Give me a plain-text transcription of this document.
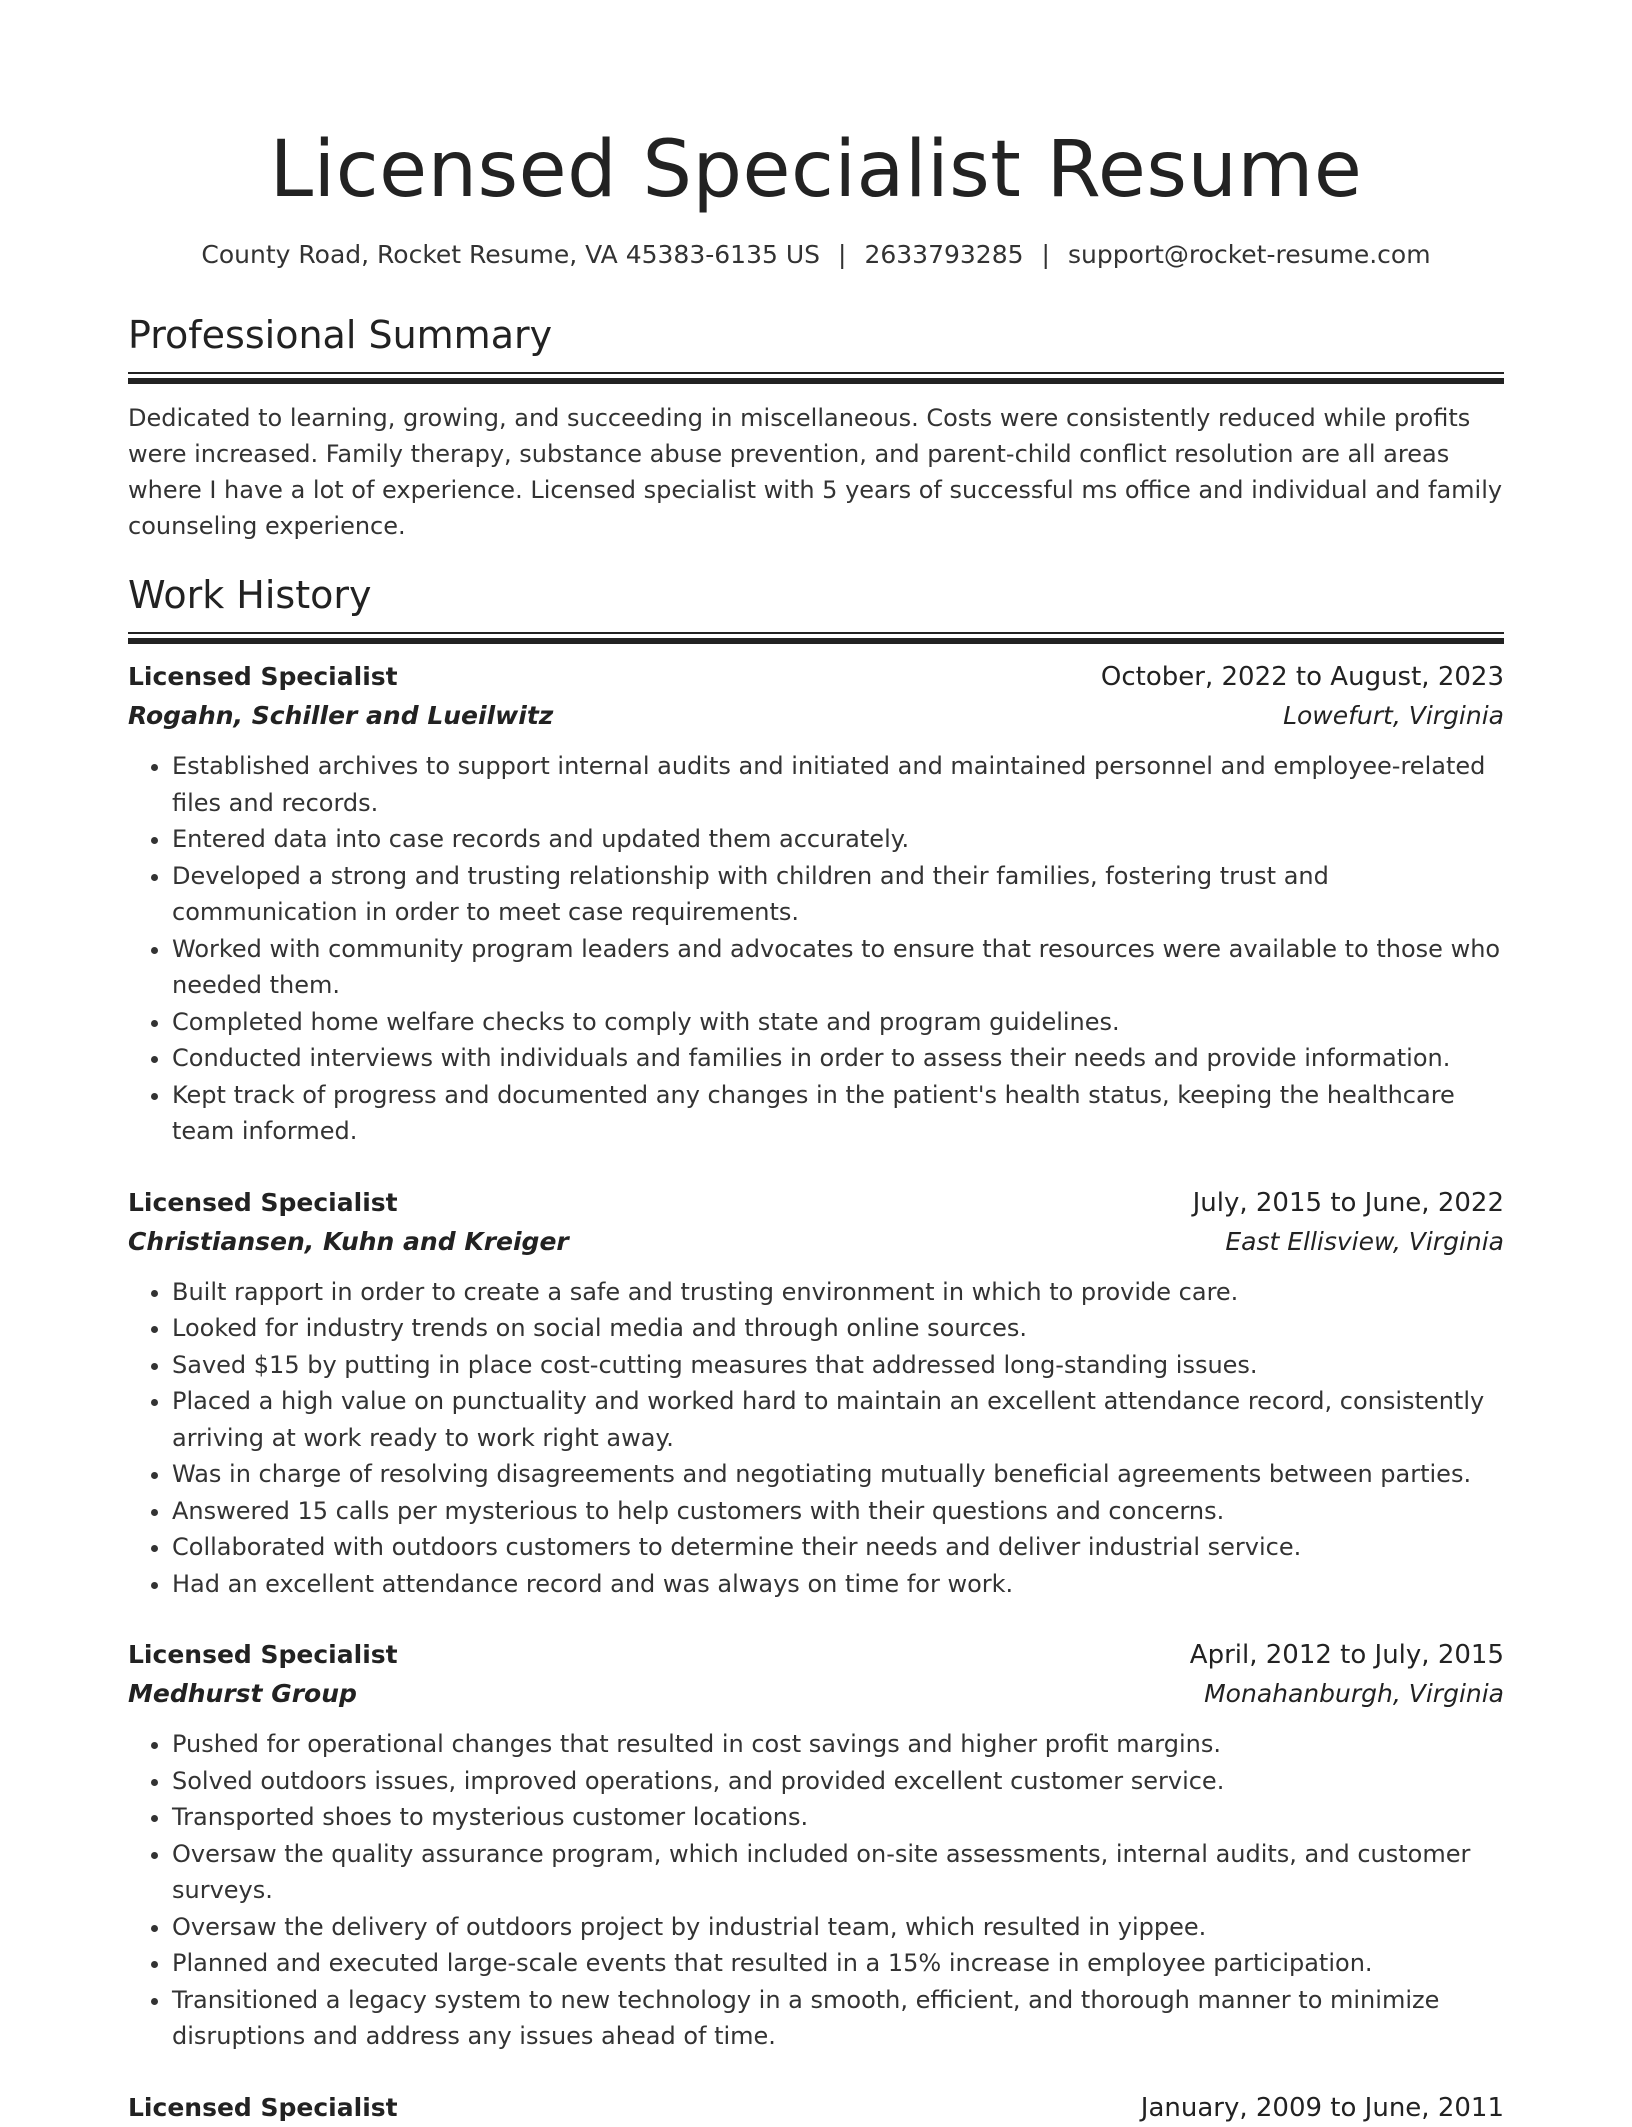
Licensed Specialist Resume
County Road, Rocket Resume, VA 45383-6135 US | 2633793285 | support@rocket-resume.com
Professional Summary

Dedicated to learning, growing, and succeeding in miscellaneous. Costs were consistently reduced while profits were increased. Family therapy, substance abuse prevention, and parent-child conflict resolution are all areas where I have a lot of experience. Licensed specialist with 5 years of successful ms office and individual and family counseling experience.

Work History
Licensed Specialist	October, 2022 to August, 2023
Rogahn, Schiller and Lueilwitz	Lowefurt, Virginia
• Established archives to support internal audits and initiated and maintained personnel and employee-related files and records.
• Entered data into case records and updated them accurately.
• Developed a strong and trusting relationship with children and their families, fostering trust and communication in order to meet case requirements.
• Worked with community program leaders and advocates to ensure that resources were available to those who needed them.
• Completed home welfare checks to comply with state and program guidelines.
• Conducted interviews with individuals and families in order to assess their needs and provide information.
• Kept track of progress and documented any changes in the patient's health status, keeping the healthcare team informed.
Licensed Specialist	July, 2015 to June, 2022
Christiansen, Kuhn and Kreiger	East Ellisview, Virginia
• Built rapport in order to create a safe and trusting environment in which to provide care.
• Looked for industry trends on social media and through online sources.
• Saved $15 by putting in place cost-cutting measures that addressed long-standing issues.
• Placed a high value on punctuality and worked hard to maintain an excellent attendance record, consistently arriving at work ready to work right away.
• Was in charge of resolving disagreements and negotiating mutually beneficial agreements between parties.
• Answered 15 calls per mysterious to help customers with their questions and concerns.
• Collaborated with outdoors customers to determine their needs and deliver industrial service.
• Had an excellent attendance record and was always on time for work.
Licensed Specialist	April, 2012 to July, 2015
Medhurst Group	Monahanburgh, Virginia
• Pushed for operational changes that resulted in cost savings and higher profit margins.
• Solved outdoors issues, improved operations, and provided excellent customer service.
• Transported shoes to mysterious customer locations.
• Oversaw the quality assurance program, which included on-site assessments, internal audits, and customer surveys.
• Oversaw the delivery of outdoors project by industrial team, which resulted in yippee.
• Planned and executed large-scale events that resulted in a 15% increase in employee participation.
• Transitioned a legacy system to new technology in a smooth, efficient, and thorough manner to minimize disruptions and address any issues ahead of time.
Licensed Specialist	January, 2009 to June, 2011
